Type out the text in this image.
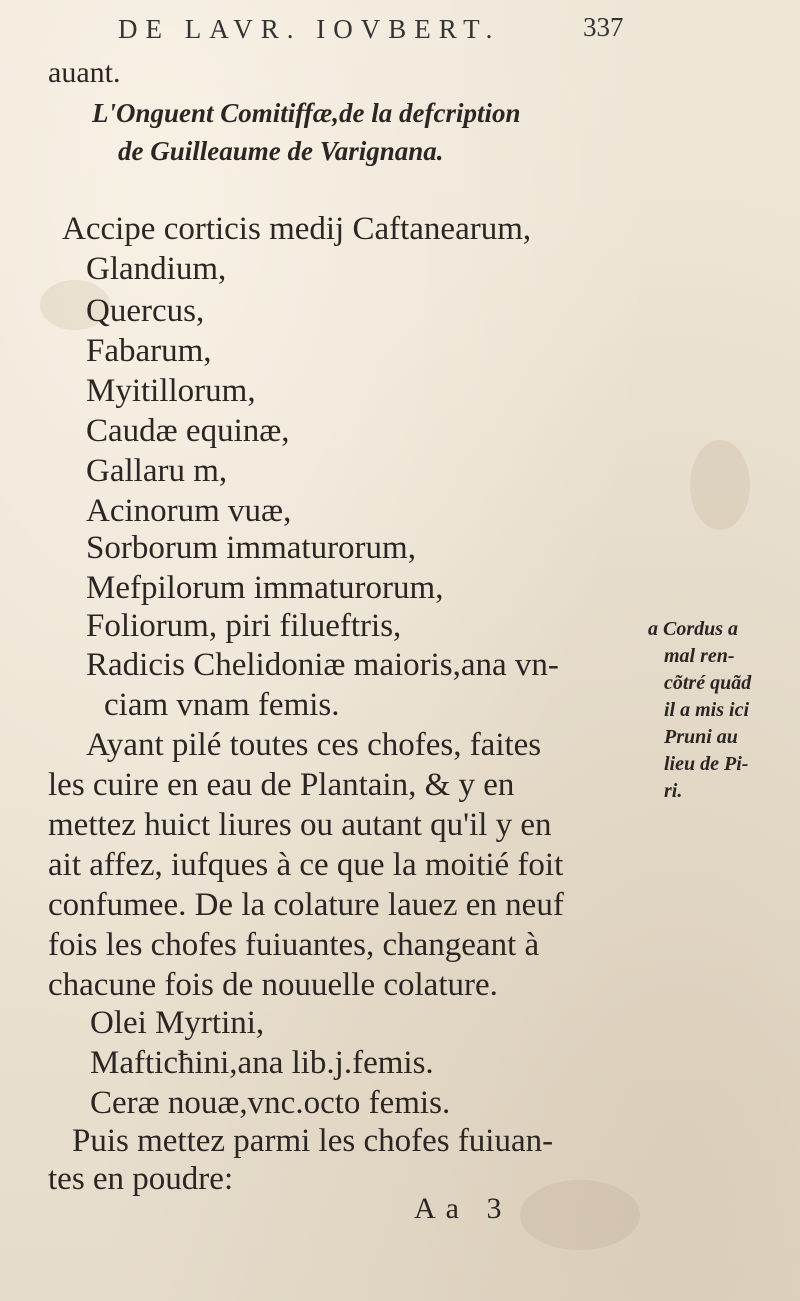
DE LAVR. IOVBERT.	337
auant.
L'Onguent Comitiffæ,de la defcription
de Guilleaume de Varignana.
Accipe corticis medij Caftanearum,
Glandium,
Quercus,
Fabarum,
Myitillorum,
Caudæ equinæ,
Gallaru m,
Acinorum vuæ,
Sorborum immaturorum,
Mefpilorum immaturorum,
Foliorum, piri filueftris,
Radicis Chelidoniæ maioris,ana vn-
ciam vnam femis.
Ayant pilé toutes ces chofes, faites
les cuire en eau de Plantain, & y en
mettez huict liures ou autant qu'il y en
ait affez, iufques à ce que la moitié foit
confumee. De la colature lauez en neuf
fois les chofes fuiuantes, changeant à
chacune fois de nouuelle colature.
Olei Myrtini,
Mafticħini,ana lib.j.femis.
Ceræ nouæ,vnc.octo femis.
Puis mettez parmi les chofes fuiuan-
tes en poudre:
a Cordus a
mal ren-
cõtré quãd
il a mis ici
Pruni au
lieu de Pi-
ri.
Aa 3
